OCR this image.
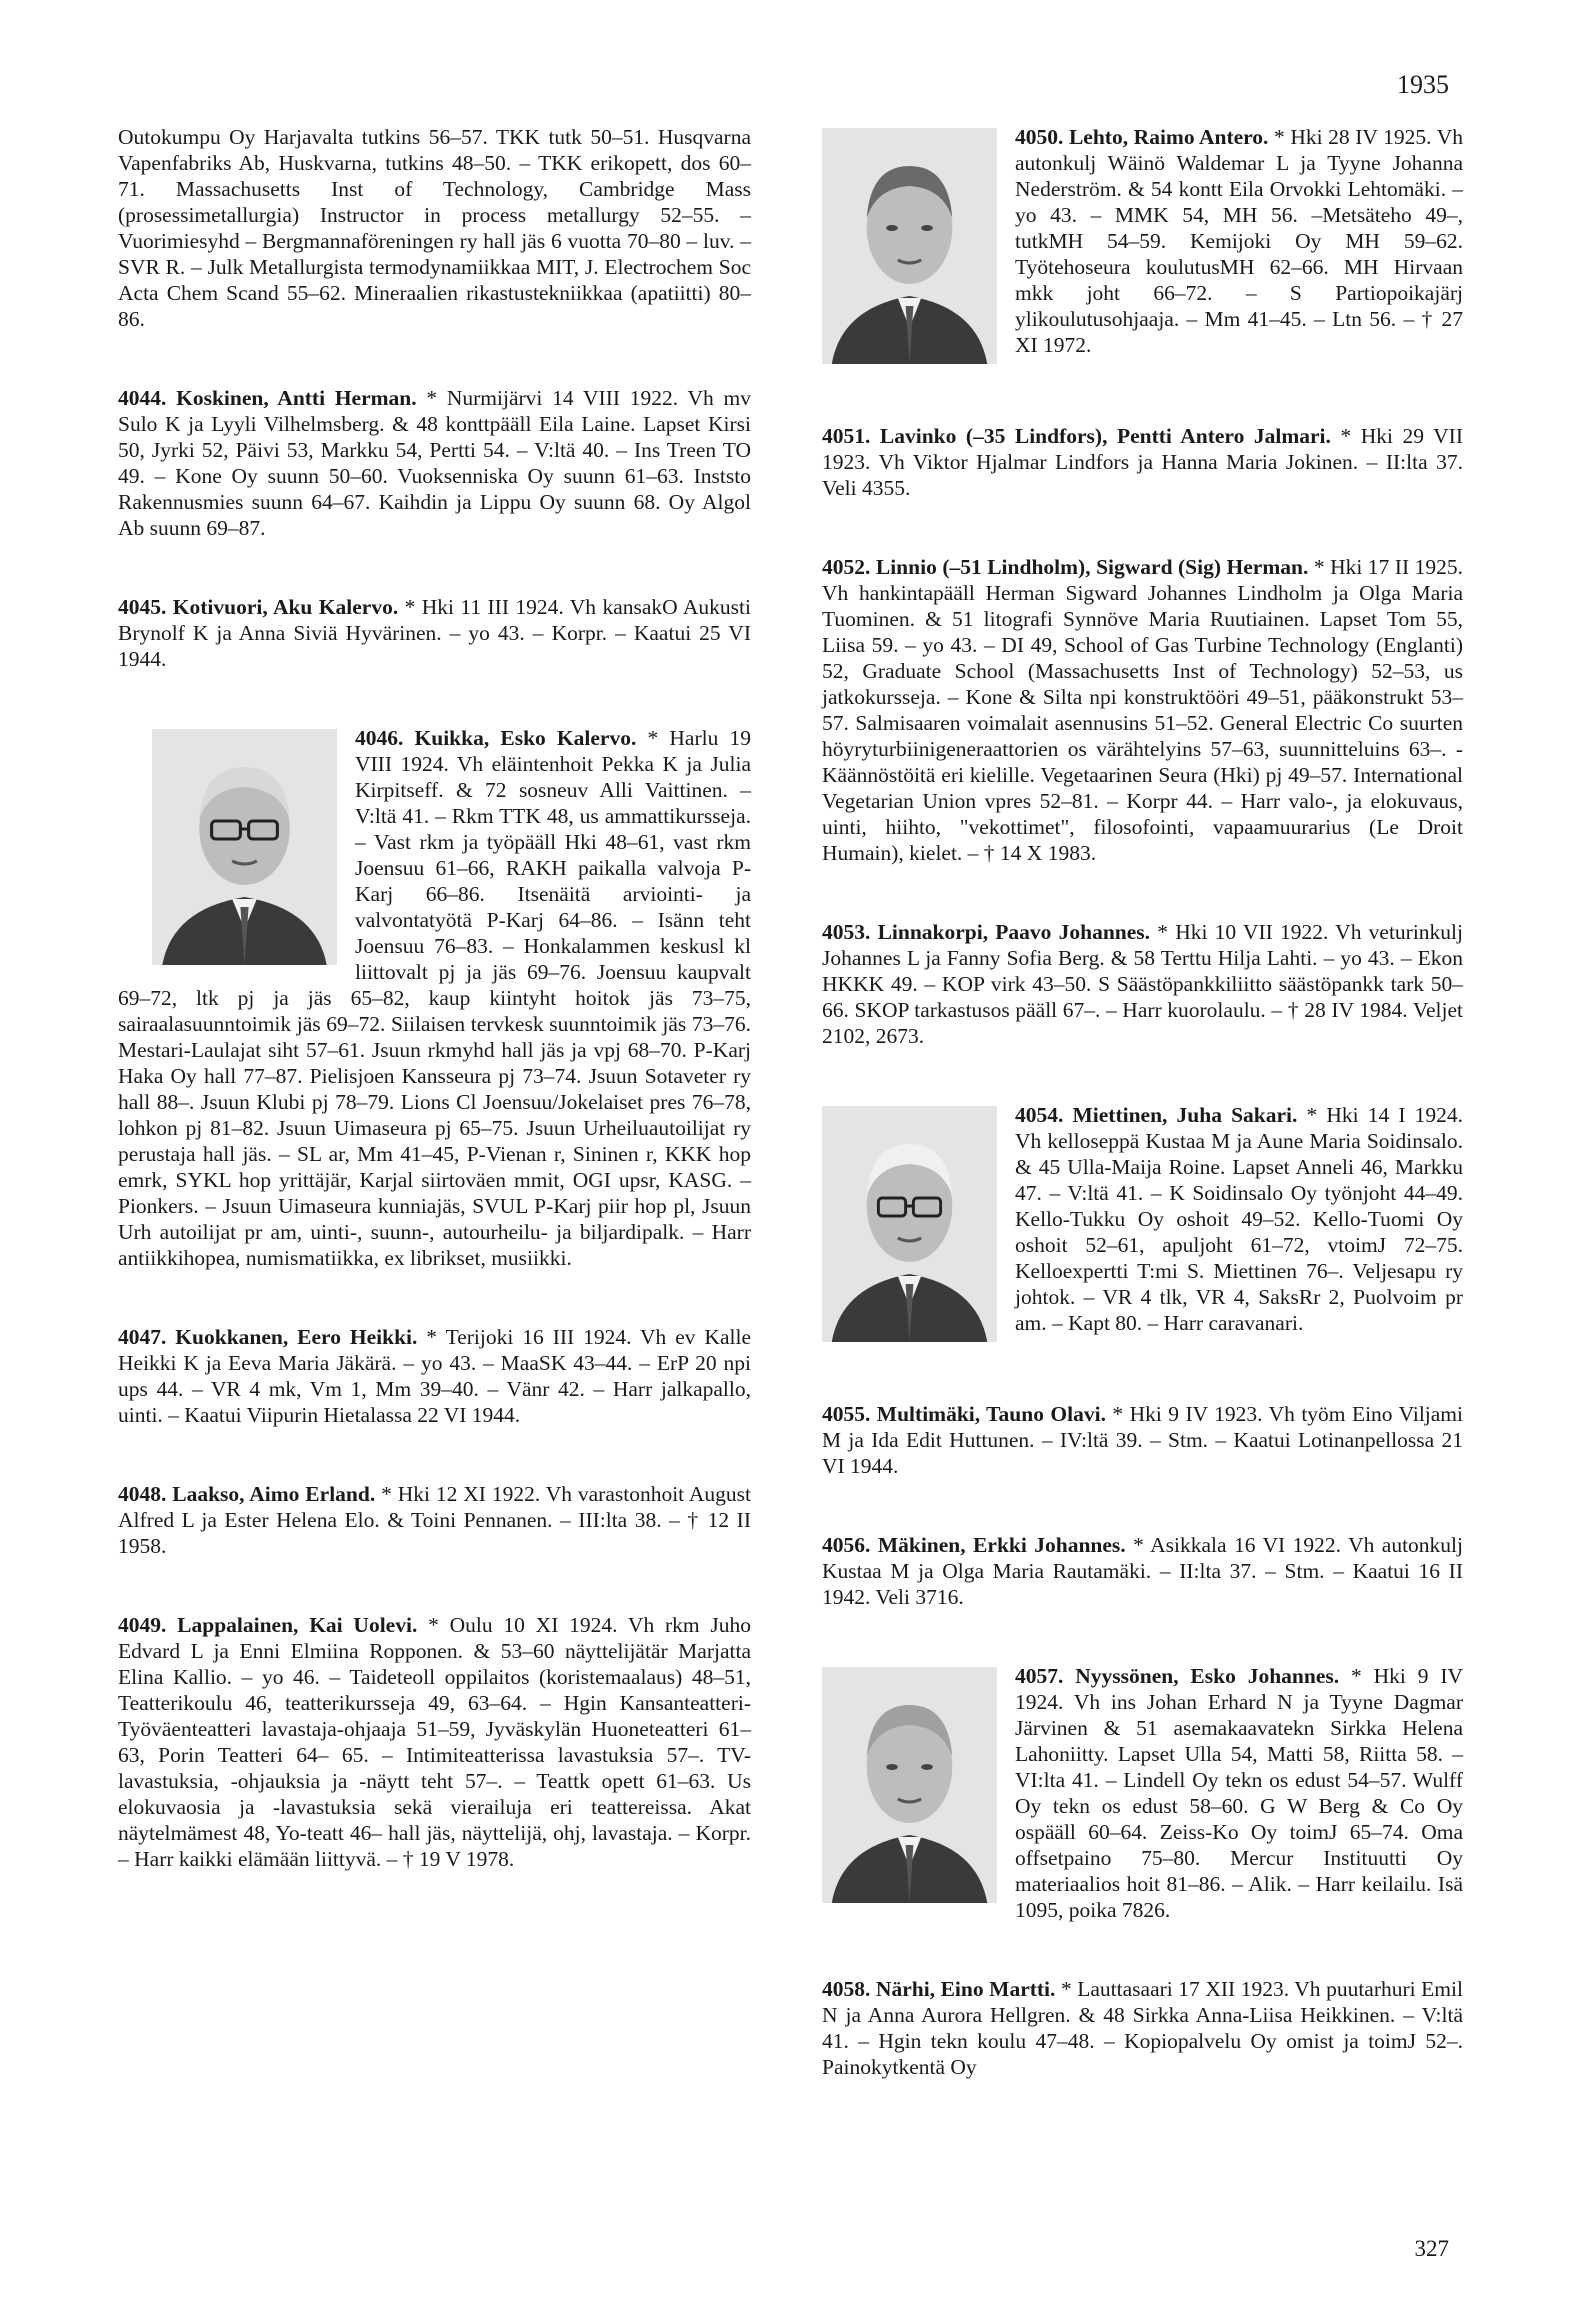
1935

Outokumpu Oy Harjavalta tutkins 56–57. TKK tutk 50–51. Husqvarna Vapenfabriks Ab, Huskvarna, tutkins 48–50. – TKK erikopett, dos 60–71. Massachusetts Inst of Technology, Cambridge Mass (prosessimetallurgia) Instructor in process metallurgy 52–55. – Vuorimiesyhd – Bergmannaföreningen ry hall jäs 6 vuotta 70–80 – luv. – SVR R. – Julk Metallurgista termodynamiikkaa MIT, J. Electrochem Soc Acta Chem Scand 55–62. Mineraalien rikastustekniikkaa (apatiitti) 80–86.

4044. Koskinen, Antti Herman. * Nurmijärvi 14 VIII 1922. Vh mv Sulo K ja Lyyli Vilhelmsberg. & 48 konttpääll Eila Laine. Lapset Kirsi 50, Jyrki 52, Päivi 53, Markku 54, Pertti 54. – V:ltä 40. – Ins Treen TO 49. – Kone Oy suunn 50–60. Vuoksenniska Oy suunn 61–63. Inststo Rakennusmies suunn 64–67. Kaihdin ja Lippu Oy suunn 68. Oy Algol Ab suunn 69–87.

4045. Kotivuori, Aku Kalervo. * Hki 11 III 1924. Vh kansakO Aukusti Brynolf K ja Anna Siviä Hyvärinen. – yo 43. – Korpr. – Kaatui 25 VI 1944.

4046. Kuikka, Esko Kalervo.
* Harlu 19 VIII 1924. Vh eläintenhoit Pekka K ja Julia Kirpitseff. & 72 sosneuv Alli Vaittinen. – V:ltä 41. – Rkm TTK 48, us ammattikursseja. – Vast rkm ja työpääll Hki 48–61, vast rkm Joensuu 61–66, RAKH paikalla valvoja P-Karj 66–86. Itsenäitä arviointi- ja valvontatyötä P-Karj 64–86. – Isänn teht Joensuu 76–83. – Honkalammen keskusl kl liittovalt pj ja jäs 69–76. Joensuu kaupvalt 69–72, ltk pj ja jäs 65–82, kaup kiintyht hoitok jäs 73–75, sairaalasuunntoimik jäs 69–72. Siilaisen tervkesk suunntoimik jäs 73–76. Mestari-Laulajat siht 57–61. Jsuun rkmyhd hall jäs ja vpj 68–70. P-Karj Haka Oy hall 77–87. Pielisjoen Kansseura pj 73–74. Jsuun Sotaveter ry hall 88–. Jsuun Klubi pj 78–79. Lions Cl Joensuu/Jokelaiset pres 76–78, lohkon pj 81–82. Jsuun Uimaseura pj 65–75. Jsuun Urheiluautoilijat ry perustaja hall jäs. – SL ar, Mm 41–45, P-Vienan r, Sininen r, KKK hop emrk, SYKL hop yrittäjär, Karjal siirtoväen mmit, OGI upsr, KASG. – Pionkers. – Jsuun Uimaseura kunniajäs, SVUL P-Karj piir hop pl, Jsuun Urh autoilijat pr am, uinti-, suunn-, autourheilu- ja biljardipalk. – Harr antiikkihopea, numismatiikka, ex librikset, musiikki.

4047. Kuokkanen, Eero Heikki. * Terijoki 16 III 1924. Vh ev Kalle Heikki K ja Eeva Maria Jäkärä. – yo 43. – MaaSK 43–44. – ErP 20 npi ups 44. – VR 4 mk, Vm 1, Mm 39–40. – Vänr 42. – Harr jalkapallo, uinti. – Kaatui Viipurin Hietalassa 22 VI 1944.

4048. Laakso, Aimo Erland. * Hki 12 XI 1922. Vh varastonhoit August Alfred L ja Ester Helena Elo. & Toini Pennanen. – III:lta 38. – † 12 II 1958.

4049. Lappalainen, Kai Uolevi. * Oulu 10 XI 1924. Vh rkm Juho Edvard L ja Enni Elmiina Ropponen. & 53–60 näyttelijätär Marjatta Elina Kallio. – yo 46. – Taideteoll oppilaitos (koristemaalaus) 48–51, Teatterikoulu 46, teatterikursseja 49, 63–64. – Hgin Kansanteatteri-Työväenteatteri lavastaja-ohjaaja 51–59, Jyväskylän Huoneteatteri 61–63, Porin Teatteri 64– 65. – Intimiteatterissa lavastuksia 57–. TV-lavastuksia, -ohjauksia ja -näytt teht 57–. – Teattk opett 61–63. Us elokuvaosia ja -lavastuksia sekä vierailuja eri teattereissa. Akat näytelmämest 48, Yo-teatt 46– hall jäs, näyttelijä, ohj, lavastaja. – Korpr. – Harr kaikki elämään liittyvä. – † 19 V 1978.

4050. Lehto, Raimo Antero.
* Hki 28 IV 1925. Vh autonkulj Wäinö Waldemar L ja Tyyne Johanna Nederström. & 54 kontt Eila Orvokki Lehtomäki. – yo 43. – MMK 54, MH 56. –Metsäteho 49–, tutkMH 54–59. Kemijoki Oy MH 59–62. Työtehoseura koulutusMH 62–66. MH Hirvaan mkk joht 66–72. – S Partiopoikajärj ylikoulutusohjaaja. – Mm 41–45. – Ltn 56. – † 27 XI 1972.

4051. Lavinko (–35 Lindfors), Pentti Antero Jalmari. * Hki 29 VII 1923. Vh Viktor Hjalmar Lindfors ja Hanna Maria Jokinen. – II:lta 37. Veli 4355.

4052. Linnio (–51 Lindholm), Sigward (Sig) Herman. * Hki 17 II 1925. Vh hankintapääll Herman Sigward Johannes Lindholm ja Olga Maria Tuominen. & 51 litografi Synnöve Maria Ruutiainen. Lapset Tom 55, Liisa 59. – yo 43. – DI 49, School of Gas Turbine Technology (Englanti) 52, Graduate School (Massachusetts Inst of Technology) 52–53, us jatkokursseja. – Kone & Silta npi konstruktööri 49–51, pääkonstrukt 53–57. Salmisaaren voimalait asennusins 51–52. General Electric Co suurten höyryturbiinigeneraattorien os värähtelyins 57–63, suunnitteluins 63–. -Käännöstöitä eri kielille. Vegetaarinen Seura (Hki) pj 49–57. International Vegetarian Union vpres 52–81. – Korpr 44. – Harr valo-, ja elokuvaus, uinti, hiihto, "vekottimet", filosofointi, vapaamuurarius (Le Droit Humain), kielet. – † 14 X 1983.

4053. Linnakorpi, Paavo Johannes. * Hki 10 VII 1922. Vh veturinkulj Johannes L ja Fanny Sofia Berg. & 58 Terttu Hilja Lahti. – yo 43. – Ekon HKKK 49. – KOP virk 43–50. S Säästöpankkiliitto säästöpankk tark 50–66. SKOP tarkastusos pääll 67–. – Harr kuorolaulu. – † 28 IV 1984. Veljet 2102, 2673.

4054. Miettinen, Juha Sakari.
* Hki 14 I 1924. Vh kelloseppä Kustaa M ja Aune Maria Soidinsalo. & 45 Ulla-Maija Roine. Lapset Anneli 46, Markku 47. – V:ltä 41. – K Soidinsalo Oy työnjoht 44–49. Kello-Tukku Oy oshoit 49–52. Kello-Tuomi Oy oshoit 52–61, apuljoht 61–72, vtoimJ 72–75. Kelloexpertti T:mi S. Miettinen 76–. Veljesapu ry johtok. – VR 4 tlk, VR 4, SaksRr 2, Puolvoim pr am. – Kapt 80. – Harr caravanari.

4055. Multimäki, Tauno Olavi. * Hki 9 IV 1923. Vh työm Eino Viljami M ja Ida Edit Huttunen. – IV:ltä 39. – Stm. – Kaatui Lotinanpellossa 21 VI 1944.

4056. Mäkinen, Erkki Johannes. * Asikkala 16 VI 1922. Vh autonkulj Kustaa M ja Olga Maria Rautamäki. – II:lta 37. – Stm. – Kaatui 16 II 1942. Veli 3716.

4057. Nyyssönen, Esko Johannes.
* Hki 9 IV 1924. Vh ins Johan Erhard N ja Tyyne Dagmar Järvinen & 51 asemakaavatekn Sirkka Helena Lahoniitty. Lapset Ulla 54, Matti 58, Riitta 58. – VI:lta 41. – Lindell Oy tekn os edust 54–57. Wulff Oy tekn os edust 58–60. G W Berg & Co Oy ospääll 60–64. Zeiss-Ko Oy toimJ 65–74. Oma offsetpaino 75–80. Mercur Instituutti Oy materiaalios hoit 81–86. – Alik. – Harr keilailu. Isä 1095, poika 7826.

4058. Närhi, Eino Martti. * Lauttasaari 17 XII 1923. Vh puutarhuri Emil N ja Anna Aurora Hellgren. & 48 Sirkka Anna-Liisa Heikkinen. – V:ltä 41. – Hgin tekn koulu 47–48. – Kopiopalvelu Oy omist ja toimJ 52–. Painokytkentä Oy

327
